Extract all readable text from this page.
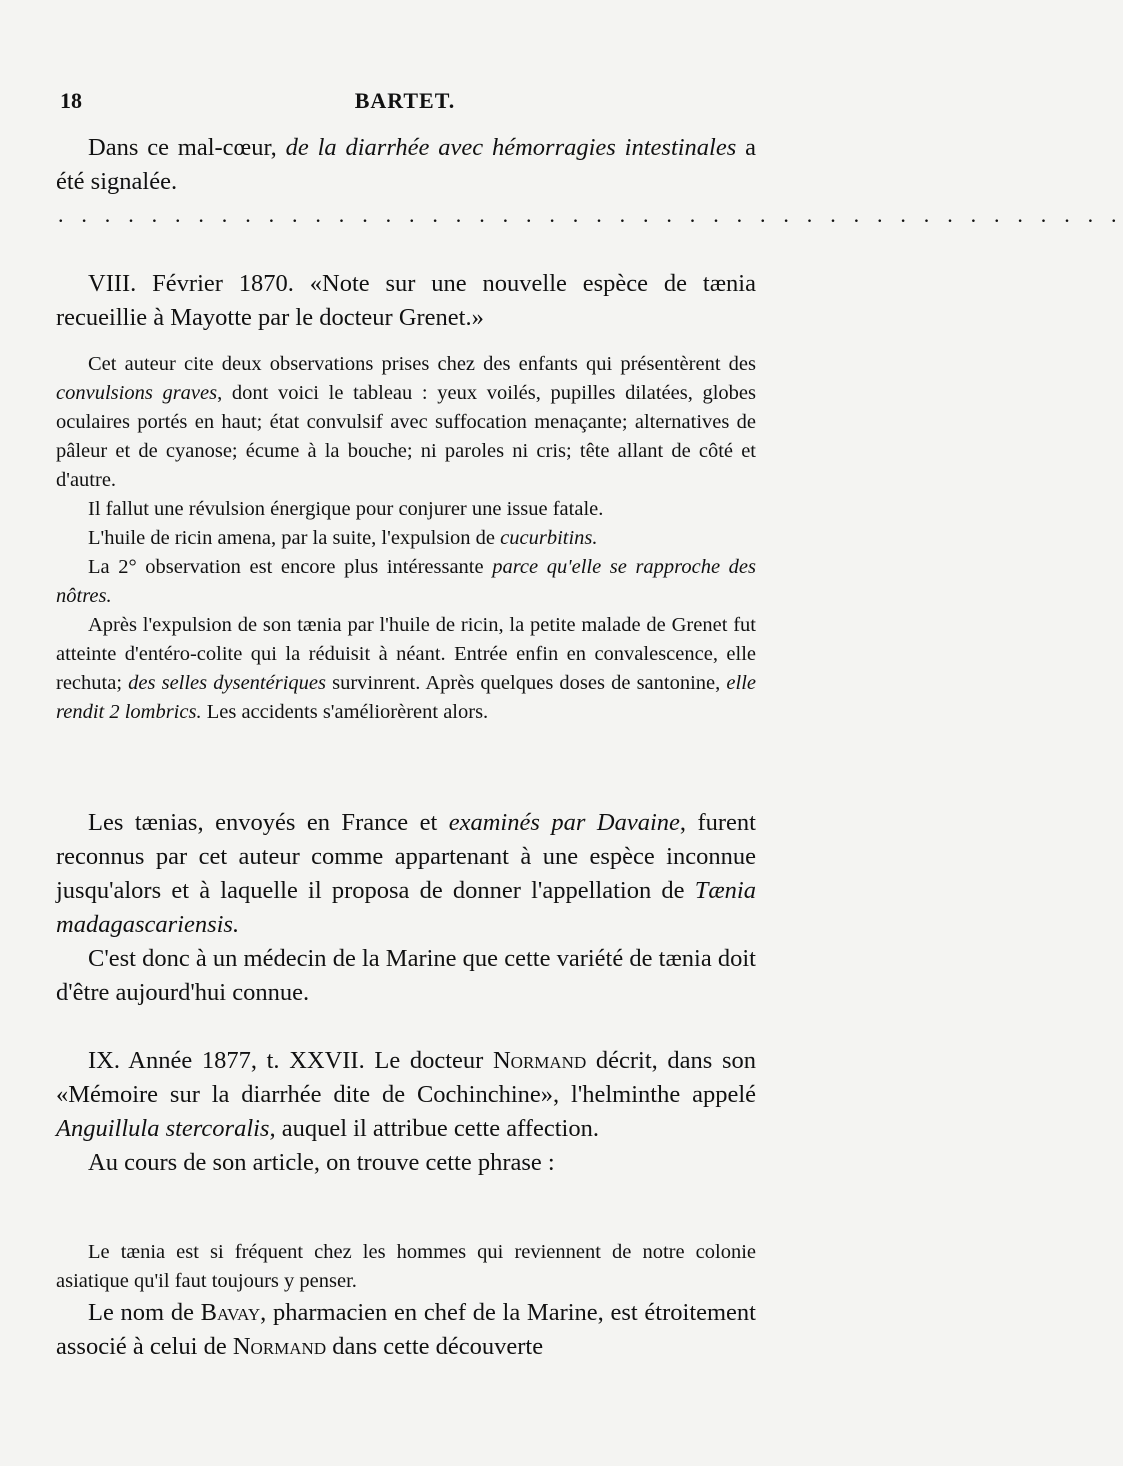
18	BARTET.

Dans ce mal-cœur, de la diarrhée avec hémorragies intestinales a été signalée.

. . . . . . . . . . . . . . . . . . . . . . . . . . . . . . . . . . . . . . . . . . . . . .

VIII. Février 1870. «Note sur une nouvelle espèce de tænia recueillie à Mayotte par le docteur Grenet.»

Cet auteur cite deux observations prises chez des enfants qui présentèrent des convulsions graves, dont voici le tableau : yeux voilés, pupilles dilatées, globes oculaires portés en haut; état convulsif avec suffocation menaçante; alternatives de pâleur et de cyanose; écume à la bouche; ni paroles ni cris; tête allant de côté et d'autre.

Il fallut une révulsion énergique pour conjurer une issue fatale.

L'huile de ricin amena, par la suite, l'expulsion de cucurbitins.

La 2° observation est encore plus intéressante parce qu'elle se rapproche des nôtres.

Après l'expulsion de son tænia par l'huile de ricin, la petite malade de Grenet fut atteinte d'entéro-colite qui la réduisit à néant. Entrée enfin en convalescence, elle rechuta; des selles dysentériques survinrent. Après quelques doses de santonine, elle rendit 2 lombrics. Les accidents s'améliorèrent alors.

Les tænias, envoyés en France et examinés par Davaine, furent reconnus par cet auteur comme appartenant à une espèce inconnue jusqu'alors et à laquelle il proposa de donner l'appellation de Tænia madagascariensis.

C'est donc à un médecin de la Marine que cette variété de tænia doit d'être aujourd'hui connue.

IX. Année 1877, t. XXVII. Le docteur Normand décrit, dans son «Mémoire sur la diarrhée dite de Cochinchine», l'helminthe appelé Anguillula stercoralis, auquel il attribue cette affection.

Au cours de son article, on trouve cette phrase :

Le tænia est si fréquent chez les hommes qui reviennent de notre colonie asiatique qu'il faut toujours y penser.

Le nom de Bavay, pharmacien en chef de la Marine, est étroitement associé à celui de Normand dans cette découverte
